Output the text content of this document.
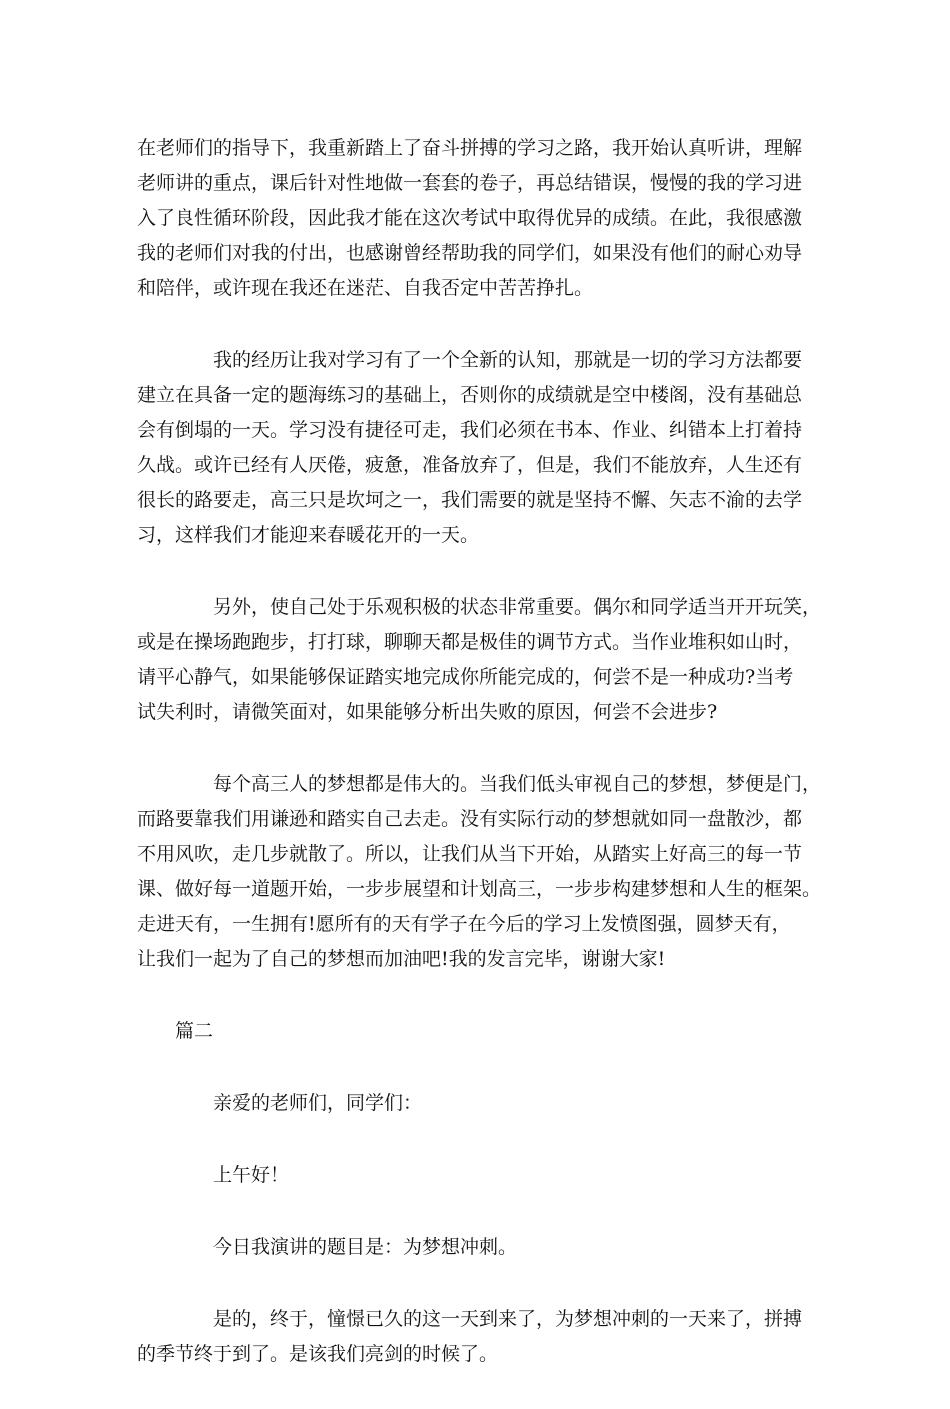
在老师们的指导下，我重新踏上了奋斗拼搏的学习之路，我开始认真听讲，理解
老师讲的重点，课后针对性地做一套套的卷子，再总结错误，慢慢的我的学习进
入了良性循环阶段，因此我才能在这次考试中取得优异的成绩。在此，我很感激
我的老师们对我的付出，也感谢曾经帮助我的同学们，如果没有他们的耐心劝导
和陪伴，或许现在我还在迷茫、自我否定中苦苦挣扎。
我的经历让我对学习有了一个全新的认知，那就是一切的学习方法都要
建立在具备一定的题海练习的基础上，否则你的成绩就是空中楼阁，没有基础总
会有倒塌的一天。学习没有捷径可走，我们必须在书本、作业、纠错本上打着持
久战。或许已经有人厌倦，疲惫，准备放弃了，但是，我们不能放弃，人生还有
很长的路要走，高三只是坎坷之一，我们需要的就是坚持不懈、矢志不渝的去学
习，这样我们才能迎来春暖花开的一天。
另外，使自己处于乐观积极的状态非常重要。偶尔和同学适当开开玩笑，
或是在操场跑跑步，打打球，聊聊天都是极佳的调节方式。当作业堆积如山时，
请平心静气，如果能够保证踏实地完成你所能完成的，何尝不是一种成功?当考
试失利时，请微笑面对，如果能够分析出失败的原因，何尝不会进步?
每个高三人的梦想都是伟大的。当我们低头审视自己的梦想，梦便是门，
而路要靠我们用谦逊和踏实自己去走。没有实际行动的梦想就如同一盘散沙，都
不用风吹，走几步就散了。所以，让我们从当下开始，从踏实上好高三的每一节
课、做好每一道题开始，一步步展望和计划高三，一步步构建梦想和人生的框架。
走进天有，一生拥有!愿所有的天有学子在今后的学习上发愤图强，圆梦天有，
让我们一起为了自己的梦想而加油吧!我的发言完毕，谢谢大家!
篇二
亲爱的老师们，同学们：
上午好！
今日我演讲的题目是：为梦想冲刺。
是的，终于，憧憬已久的这一天到来了，为梦想冲刺的一天来了，拼搏
的季节终于到了。是该我们亮剑的时候了。
